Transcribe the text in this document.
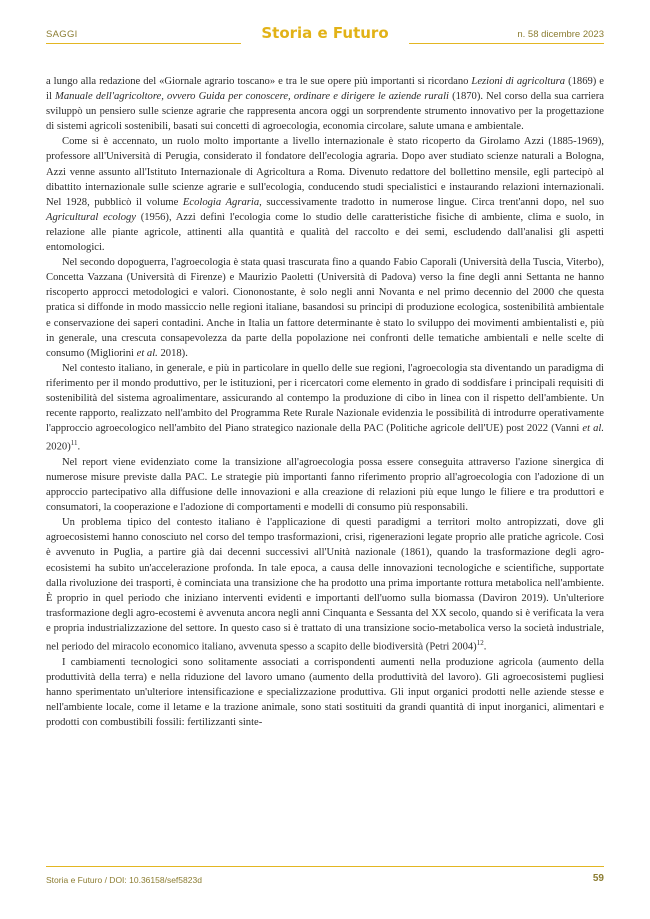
SAGGI	Storia e Futuro	n. 58 dicembre 2023

a lungo alla redazione del «Giornale agrario toscano» e tra le sue opere più importanti si ricordano Lezioni di agricoltura (1869) e il Manuale dell'agricoltore, ovvero Guida per conoscere, ordinare e dirigere le aziende rurali (1870). Nel corso della sua carriera sviluppò un pensiero sulle scienze agrarie che rappresenta ancora oggi un sorprendente strumento innovativo per la progettazione di sistemi agricoli sostenibili, basati sui concetti di agroecologia, economia circolare, salute umana e ambientale.

Come si è accennato, un ruolo molto importante a livello internazionale è stato ricoperto da Girolamo Azzi (1885-1969), professore all'Università di Perugia, considerato il fondatore dell'ecologia agraria. Dopo aver studiato scienze naturali a Bologna, Azzi venne assunto all'Istituto Internazionale di Agricoltura a Roma. Divenuto redattore del bollettino mensile, egli partecipò al dibattito internazionale sulle scienze agrarie e sull'ecologia, conducendo studi specialistici e instaurando relazioni internazionali. Nel 1928, pubblicò il volume Ecologia Agraria, successivamente tradotto in numerose lingue. Circa trent'anni dopo, nel suo Agricultural ecology (1956), Azzi definì l'ecologia come lo studio delle caratteristiche fisiche di ambiente, clima e suolo, in relazione alle piante agricole, attinenti alla quantità e qualità del raccolto e dei semi, escludendo dall'analisi gli aspetti entomologici.

Nel secondo dopoguerra, l'agroecologia è stata quasi trascurata fino a quando Fabio Caporali (Università della Tuscia, Viterbo), Concetta Vazzana (Università di Firenze) e Maurizio Paoletti (Università di Padova) verso la fine degli anni Settanta ne hanno riscoperto approcci metodologici e valori. Ciononostante, è solo negli anni Novanta e nel primo decennio del 2000 che questa pratica si diffonde in modo massiccio nelle regioni italiane, basandosi su principi di produzione ecologica, sostenibilità ambientale e conservazione dei saperi contadini. Anche in Italia un fattore determinante è stato lo sviluppo dei movimenti ambientalisti e, più in generale, una crescuta consapevolezza da parte della popolazione nei confronti delle tematiche ambientali e nelle scelte di consumo (Migliorini et al. 2018).

Nel contesto italiano, in generale, e più in particolare in quello delle sue regioni, l'agroecologia sta diventando un paradigma di riferimento per il mondo produttivo, per le istituzioni, per i ricercatori come elemento in grado di soddisfare i principali requisiti di sostenibilità del sistema agroalimentare, assicurando al contempo la produzione di cibo in linea con il rispetto dell'ambiente. Un recente rapporto, realizzato nell'ambito del Programma Rete Rurale Nazionale evidenzia le possibilità di introdurre operativamente l'approccio agroecologico nell'ambito del Piano strategico nazionale della PAC (Politiche agricole dell'UE) post 2022 (Vanni et al. 2020)$^{11}$.

Nel report viene evidenziato come la transizione all'agroecologia possa essere conseguita attraverso l'azione sinergica di numerose misure previste dalla PAC. Le strategie più importanti fanno riferimento proprio all'agroecologia con l'adozione di un approccio partecipativo alla diffusione delle innovazioni e alla creazione di relazioni più eque lungo le filiere e tra produttori e consumatori, la cooperazione e l'adozione di comportamenti e modelli di consumo più responsabili.

Un problema tipico del contesto italiano è l'applicazione di questi paradigmi a territori molto antropizzati, dove gli agroecosistemi hanno conosciuto nel corso del tempo trasformazioni, crisi, rigenerazioni legate proprio alle pratiche agricole. Così è avvenuto in Puglia, a partire già dai decenni successivi all'Unità nazionale (1861), quando la trasformazione degli agro-ecosistemi ha subito un'accelerazione profonda. In tale epoca, a causa delle innovazioni tecnologiche e scientifiche, supportate dalla rivoluzione dei trasporti, è cominciata una transizione che ha prodotto una prima importante rottura metabolica nell'ambiente. È proprio in quel periodo che iniziano interventi evidenti e importanti dell'uomo sulla biomassa (Daviron 2019). Un'ulteriore trasformazione degli agro-ecostemi è avvenuta ancora negli anni Cinquanta e Sessanta del XX secolo, quando si è verificata la vera e propria industrializzazione del settore. In questo caso si è trattato di una transizione socio-metabolica verso la società industriale, nel periodo del miracolo economico italiano, avvenuta spesso a scapito delle biodiversità (Petri 2004)$^{12}$.

I cambiamenti tecnologici sono solitamente associati a corrispondenti aumenti nella produzione agricola (aumento della produttività della terra) e nella riduzione del lavoro umano (aumento della produttività del lavoro). Gli agroecosistemi pugliesi hanno sperimentato un'ulteriore intensificazione e specializzazione produttiva. Gli input organici prodotti nelle aziende stesse e nell'ambiente locale, come il letame e la trazione animale, sono stati sostituiti da grandi quantità di input inorganici, alimentari e prodotti con combustibili fossili: fertilizzanti sinte-

Storia e Futuro / DOI: 10.36158/sef5823d	59
